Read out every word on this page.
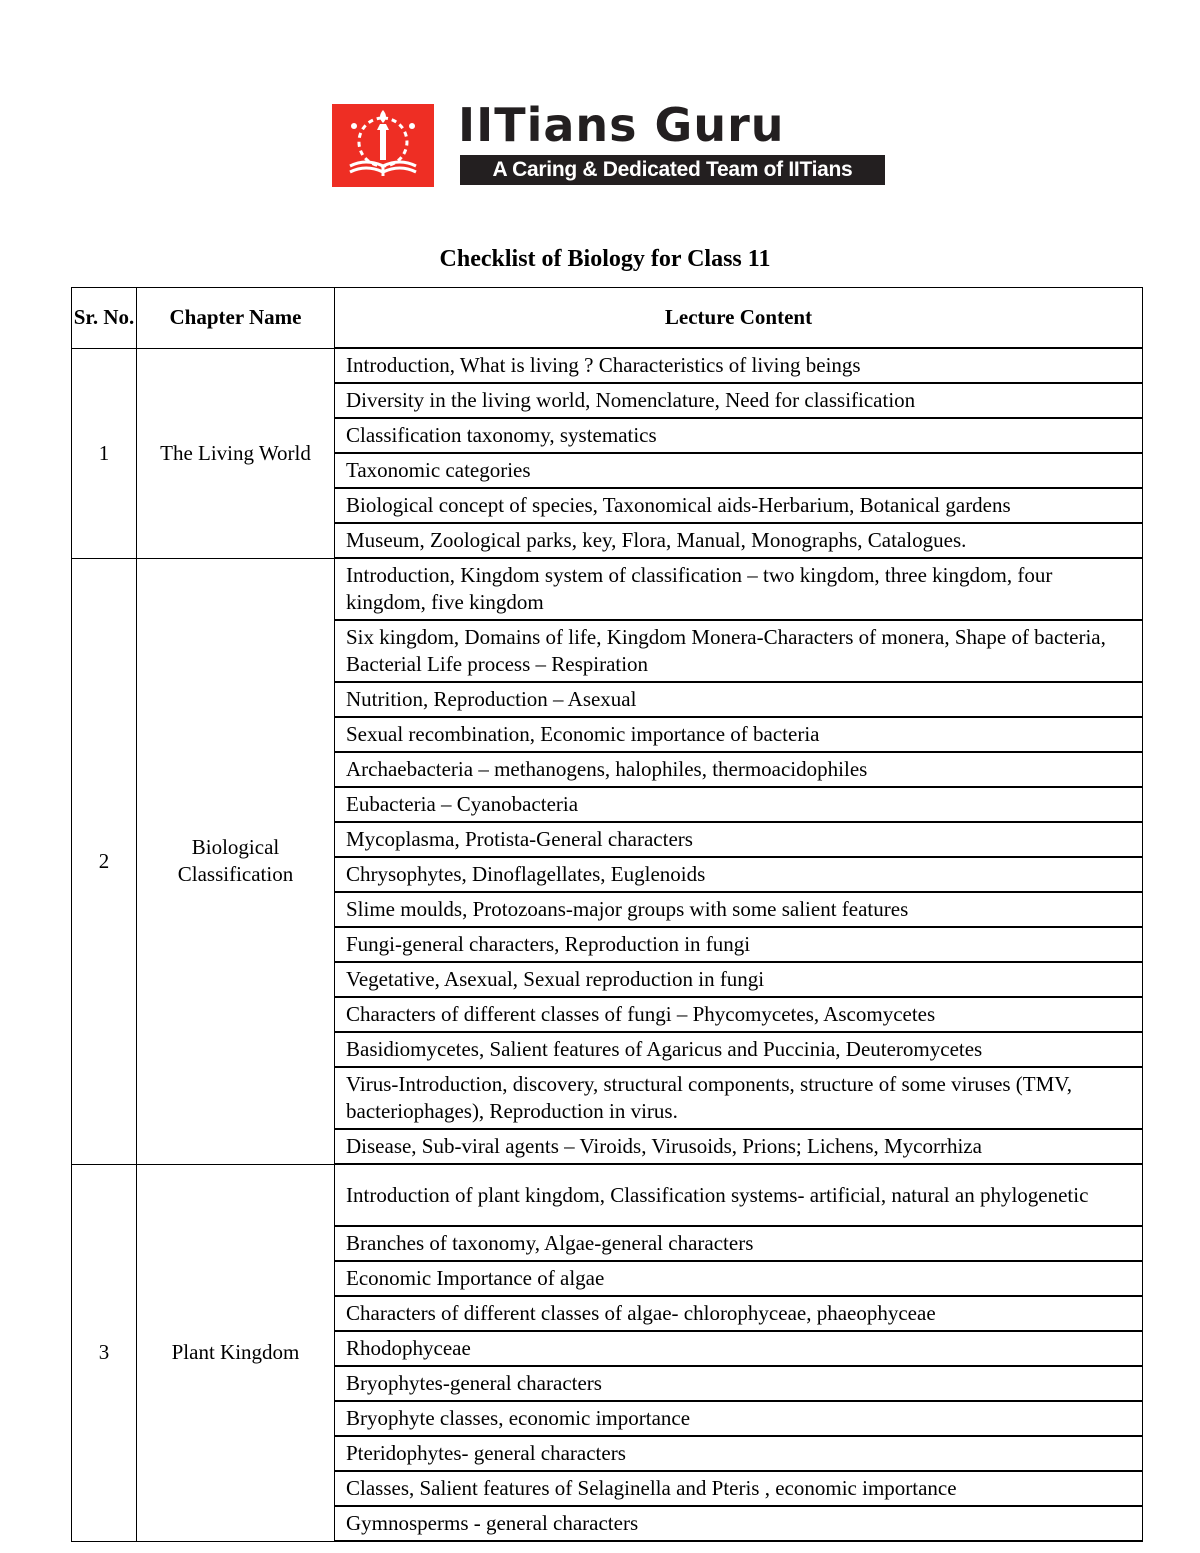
IITians Guru
A Caring & Dedicated Team of IITians
Checklist of Biology for Class 11
Sr. No.	Chapter Name	Lecture Content
1	The Living World	Introduction, What is living ? Characteristics of living beings
		Diversity in the living world, Nomenclature, Need for classification
		Classification taxonomy, systematics
		Taxonomic categories
		Biological concept of species, Taxonomical aids-Herbarium, Botanical gardens
		Museum, Zoological parks, key, Flora, Manual, Monographs, Catalogues.
2	Biological Classification	Introduction, Kingdom system of classification – two kingdom, three kingdom, four kingdom, five kingdom
		Six kingdom, Domains of life, Kingdom Monera-Characters of monera, Shape of bacteria, Bacterial Life process – Respiration
		Nutrition, Reproduction – Asexual
		Sexual recombination, Economic importance of bacteria
		Archaebacteria – methanogens, halophiles, thermoacidophiles
		Eubacteria – Cyanobacteria
		Mycoplasma, Protista-General characters
		Chrysophytes, Dinoflagellates, Euglenoids
		Slime moulds, Protozoans-major groups with some salient features
		Fungi-general characters, Reproduction in fungi
		Vegetative, Asexual, Sexual reproduction in fungi
		Characters of different classes of fungi – Phycomycetes, Ascomycetes
		Basidiomycetes, Salient features of Agaricus and Puccinia, Deuteromycetes
		Virus-Introduction, discovery, structural components, structure of some viruses (TMV, bacteriophages), Reproduction in virus.
		Disease, Sub-viral agents – Viroids, Virusoids, Prions; Lichens, Mycorrhiza
3	Plant Kingdom	Introduction of plant kingdom, Classification systems- artificial, natural an phylogenetic
		Branches of taxonomy, Algae-general characters
		Economic Importance of algae
		Characters of different classes of algae- chlorophyceae, phaeophyceae
		Rhodophyceae
		Bryophytes-general characters
		Bryophyte classes, economic importance
		Pteridophytes- general characters
		Classes, Salient features of Selaginella and Pteris , economic importance
		Gymnosperms - general characters
